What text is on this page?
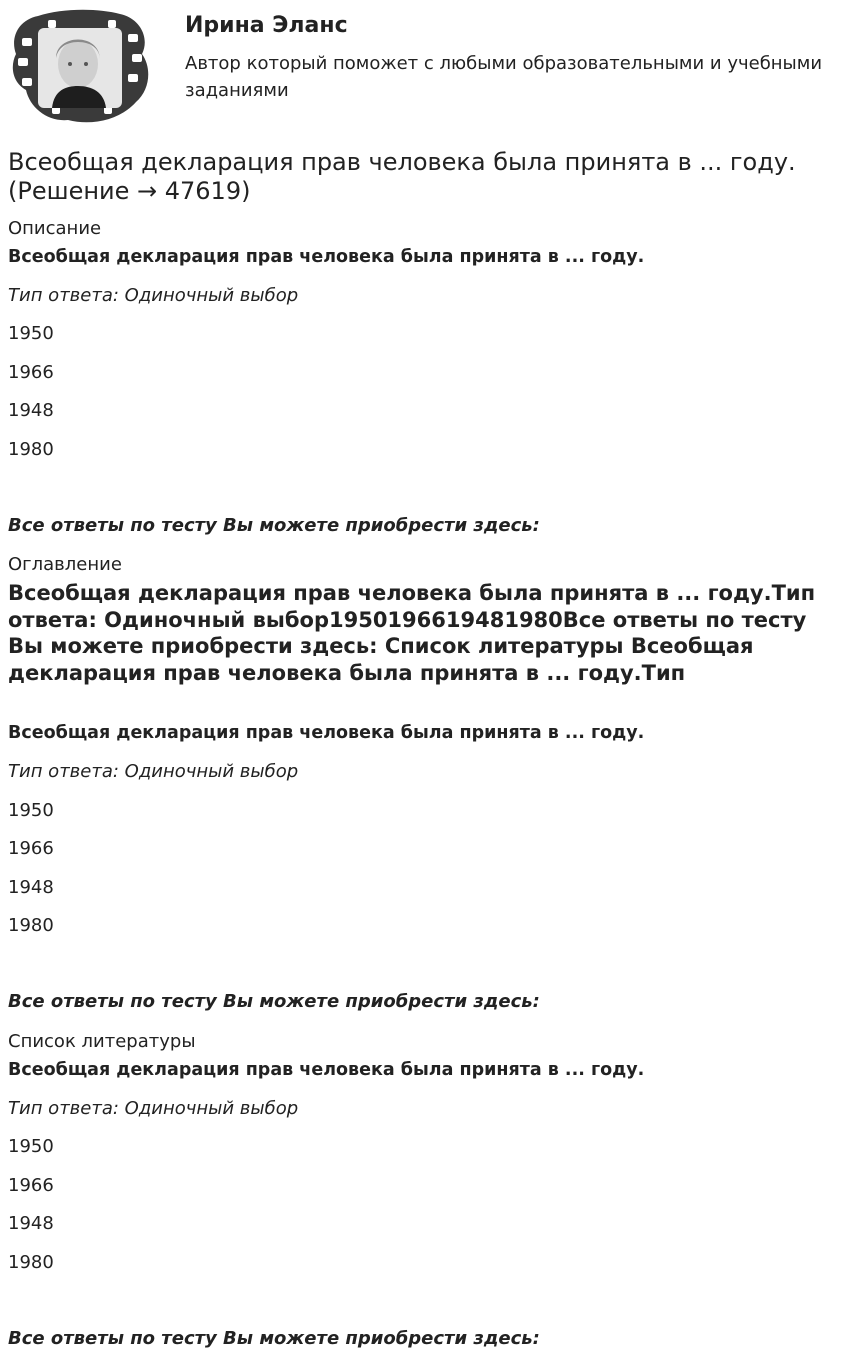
Ирина Эланс
Автор который поможет с любыми образовательными и учебными заданиями
Всеобщая декларация прав человека была принята в ... году. (Решение → 47619)
Описание
Всеобщая декларация прав человека была принята в ... году.
Тип ответа: Одиночный выбор
1950
1966
1948
1980
Все ответы по тесту Вы можете приобрести здесь:
Оглавление
Всеобщая декларация прав человека была принята в ... году.Тип ответа: Одиночный выбор1950196619481980Все ответы по тесту Вы можете приобрести здесь: Список литературы Всеобщая декларация прав человека была принята в ... году.Тип
Всеобщая декларация прав человека была принята в ... году.
Тип ответа: Одиночный выбор
1950
1966
1948
1980
Все ответы по тесту Вы можете приобрести здесь:
Список литературы
Всеобщая декларация прав человека была принята в ... году.
Тип ответа: Одиночный выбор
1950
1966
1948
1980
Все ответы по тесту Вы можете приобрести здесь:
